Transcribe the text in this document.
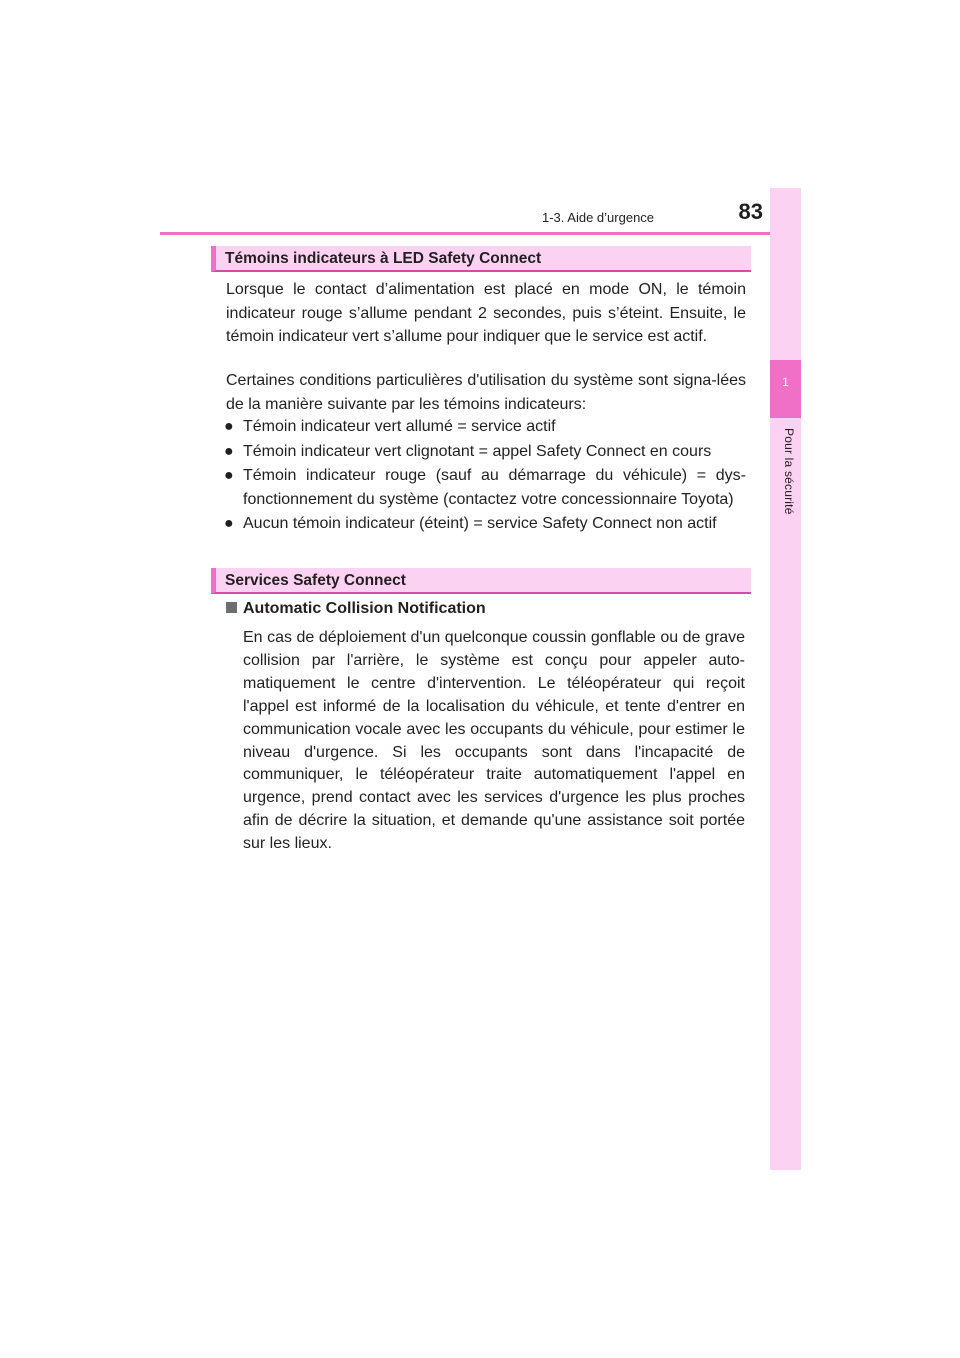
1-3. Aide d’urgence	83
1
Pour la sécurité
Témoins indicateurs à LED Safety Connect
Lorsque le contact d’alimentation est placé en mode ON, le témoin indicateur rouge s’allume pendant 2 secondes, puis s’éteint. Ensuite, le témoin indicateur vert s’allume pour indiquer que le service est actif.
Certaines conditions particulières d'utilisation du système sont signa-lées de la manière suivante par les témoins indicateurs:
● Témoin indicateur vert allumé = service actif
● Témoin indicateur vert clignotant = appel Safety Connect en cours
● Témoin indicateur rouge (sauf au démarrage du véhicule) = dys-fonctionnement du système (contactez votre concessionnaire Toyota)
● Aucun témoin indicateur (éteint) = service Safety Connect non actif
Services Safety Connect
Automatic Collision Notification
En cas de déploiement d'un quelconque coussin gonflable ou de grave collision par l'arrière, le système est conçu pour appeler auto-matiquement le centre d'intervention. Le téléopérateur qui reçoit l'appel est informé de la localisation du véhicule, et tente d'entrer en communication vocale avec les occupants du véhicule, pour estimer le niveau d'urgence. Si les occupants sont dans l'incapacité de communiquer, le téléopérateur traite automatiquement l'appel en urgence, prend contact avec les services d'urgence les plus proches afin de décrire la situation, et demande qu'une assistance soit portée sur les lieux.
